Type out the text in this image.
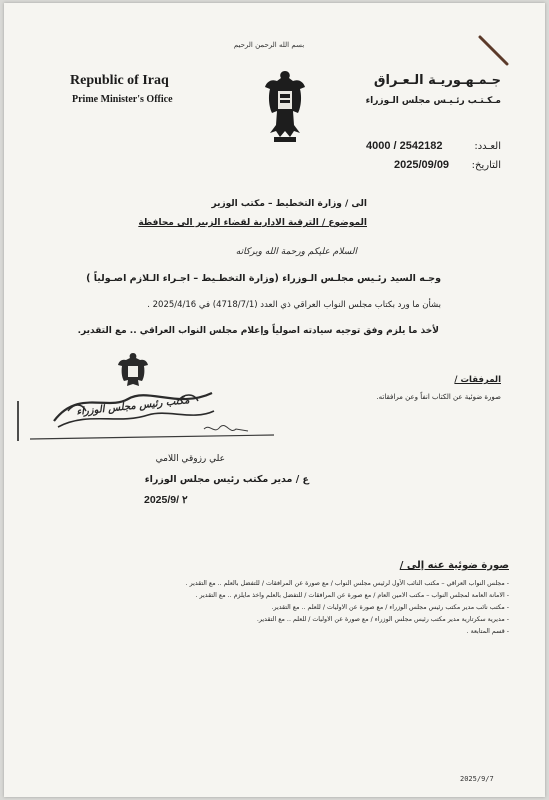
بسم الله الرحمن الرحيم
Republic of Iraq
Prime Minister's Office
جـمـهـوريـة الـعـراق
مـكـتـب رئـيـس مجلس الـوزراء
العـدد:
4000 / 2542182
التاريخ:
2025/09/09
الى / وزارة التخطيط – مكتب الوزير
الموضوع / الترقية الادارية لقضاء الزبير الى محافظة
السلام عليكم ورحمة الله وبركاته
وجـه السيد رئـيس مجلـس الـوزراء (وزارة التخطـيط – اجـراء الـلازم اصـولياً )
بشأن ما ورد بكتاب مجلس النواب العراقي ذي العدد (4718/7/1) في 2025/4/16 .
لأخذ ما يلزم وفق توجيه سيادته اصولياً وإعلام مجلس النواب العراقي .. مع التقدير.
المرفقات /
صورة ضوئية عن الكتاب انفاً وعن مرافقاته.
مكتب رئيس مجلس الوزراء
علي رزوقي اللامي
ع / مدير مكتب رئيس مجلس الوزراء
2025/9/ ٢
صورة ضوئية عنه إلى /
- مجلس النواب العراقي – مكتب النائب الأول لرئيس مجلس النواب / مع صورة عن المرافقات / للتفضل بالعلم .. مع التقدير .
- الامانة العامة لمجلس النواب – مكتب الامين العام / مع صورة عن المرافقات / للتفضل بالعلم واخذ مايلزم .. مع التقدير .
- مكتب نائب مدير مكتب رئيس مجلس الوزراء / مع صورة عن الاوليات / للعلم .. مع التقدير.
- مديرية سكرتارية مدير مكتب رئيس مجلس الوزراء / مع صورة عن الاوليات / للعلم .. مع التقدير.
- قسم المتابعة .
2025/9/7
